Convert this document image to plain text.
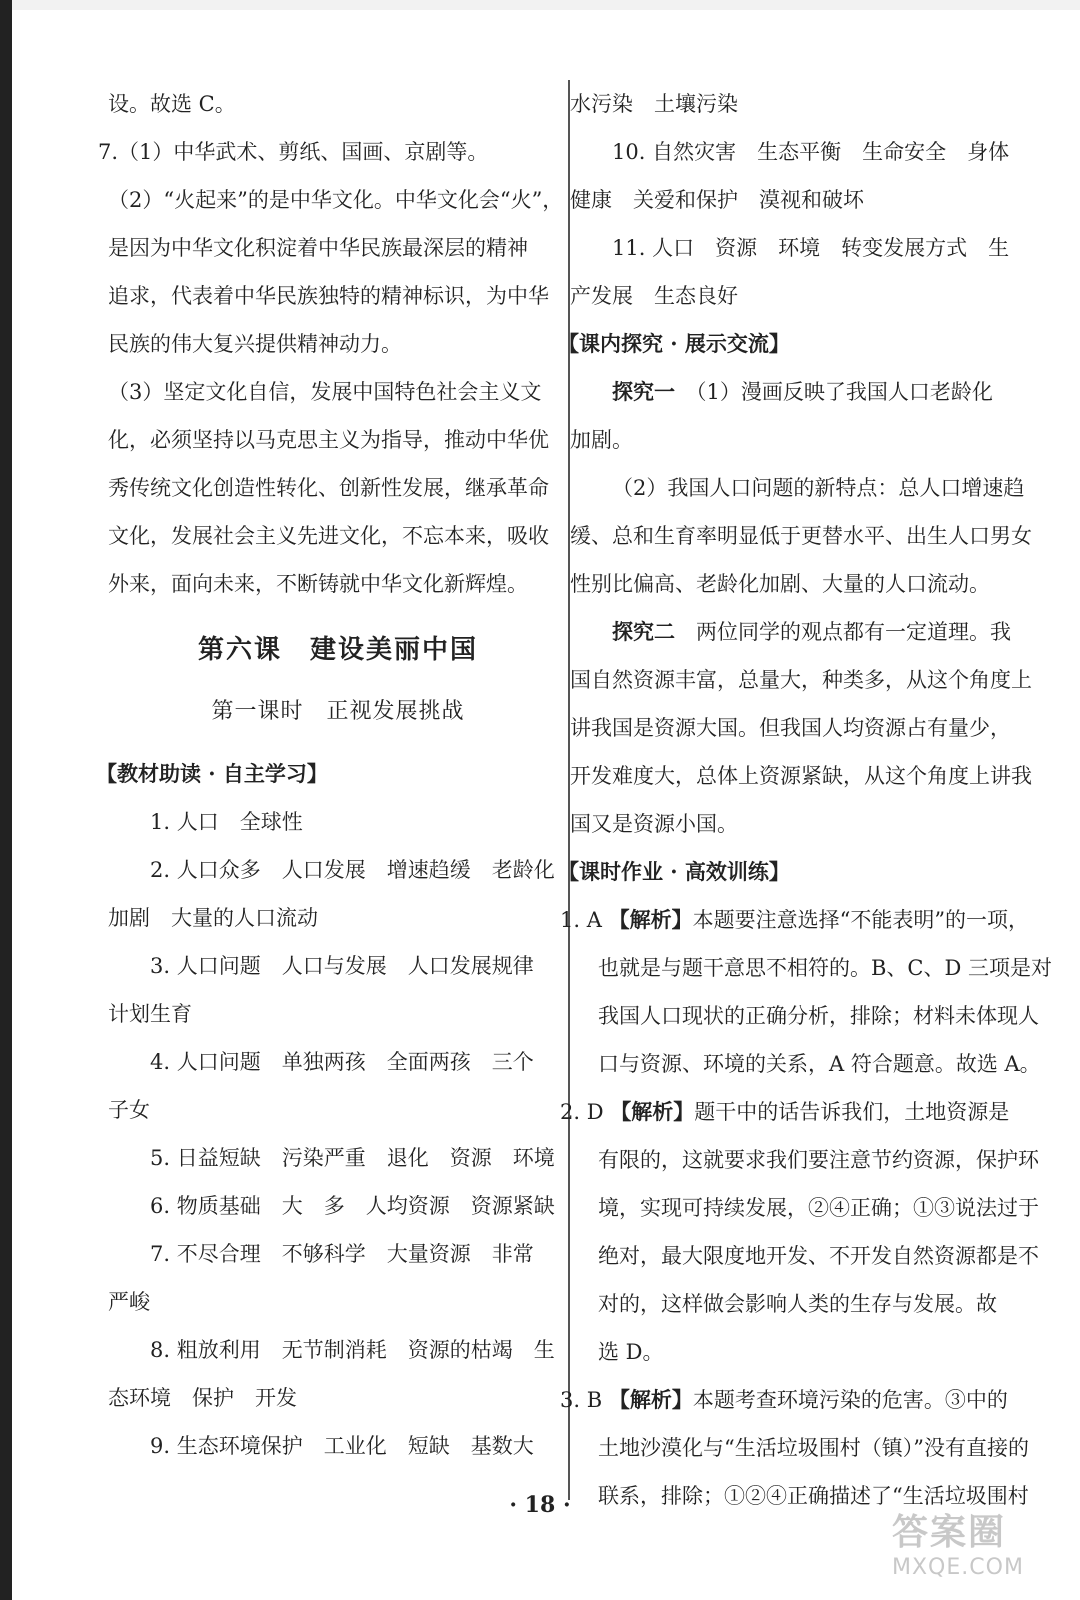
设。故选 C。

7.（1）中华武术、剪纸、国画、京剧等。

（2）“火起来”的是中华文化。中华文化会“火”，

是因为中华文化积淀着中华民族最深层的精神

追求，代表着中华民族独特的精神标识，为中华

民族的伟大复兴提供精神动力。

（3）坚定文化自信，发展中国特色社会主义文

化，必须坚持以马克思主义为指导，推动中华优

秀传统文化创造性转化、创新性发展，继承革命

文化，发展社会主义先进文化，不忘本来，吸收

外来，面向未来，不断铸就中华文化新辉煌。

第六课　建设美丽中国

第一课时　正视发展挑战

【教材助读 · 自主学习】

1. 人口　全球性

2. 人口众多　人口发展　增速趋缓　老龄化

加剧　大量的人口流动

3. 人口问题　人口与发展　人口发展规律

计划生育

4. 人口问题　单独两孩　全面两孩　三个

子女

5. 日益短缺　污染严重　退化　资源　环境

6. 物质基础　大　多　人均资源　资源紧缺

7. 不尽合理　不够科学　大量资源　非常

严峻

8. 粗放利用　无节制消耗　资源的枯竭　生

态环境　保护　开发

9. 生态环境保护　工业化　短缺　基数大

水污染　土壤污染

10. 自然灾害　生态平衡　生命安全　身体

健康　关爱和保护　漠视和破坏

11. 人口　资源　环境　转变发展方式　生

产发展　生态良好

【课内探究 · 展示交流】

探究一　 （1）漫画反映了我国人口老龄化

加剧。

（2）我国人口问题的新特点：总人口增速趋

缓、总和生育率明显低于更替水平、出生人口男女

性别比偏高、老龄化加剧、大量的人口流动。

探究二　 两位同学的观点都有一定道理。我

国自然资源丰富，总量大，种类多，从这个角度上

讲我国是资源大国。但我国人均资源占有量少，

开发难度大，总体上资源紧缺，从这个角度上讲我

国又是资源小国。

【课时作业 · 高效训练】

1. A 【解析】本题要注意选择“不能表明”的一项，

也就是与题干意思不相符的。B、C、D 三项是对

我国人口现状的正确分析，排除；材料未体现人

口与资源、环境的关系，A 符合题意。故选 A。

2. D 【解析】题干中的话告诉我们，土地资源是

有限的，这就要求我们要注意节约资源，保护环

境，实现可持续发展，②④正确；①③说法过于

绝对，最大限度地开发、不开发自然资源都是不

对的，这样做会影响人类的生存与发展。故

选 D。

3. B 【解析】本题考查环境污染的危害。③中的

土地沙漠化与“生活垃圾围村（镇）”没有直接的

联系，排除；①②④正确描述了“生活垃圾围村

· 18 ·
答案圈
MXQE.COM
